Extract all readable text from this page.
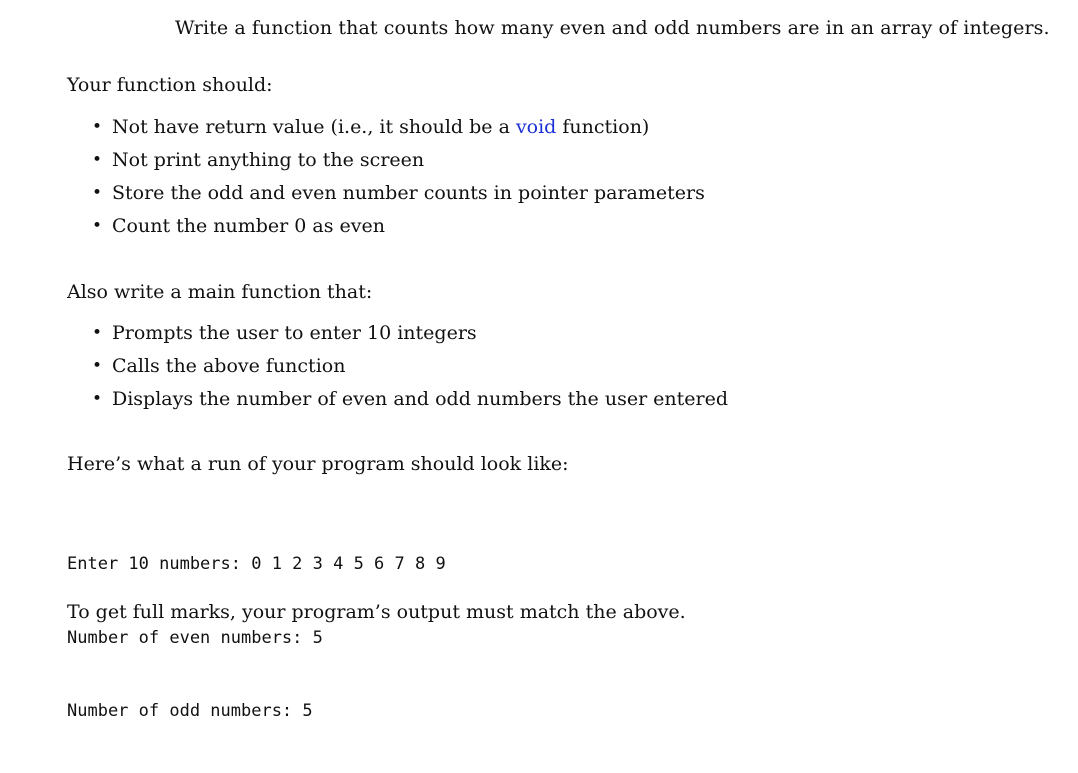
Write a function that counts how many even and odd numbers are in an array of integers.
Your function should:
• Not have return value (i.e., it should be a void function)
• Not print anything to the screen
• Store the odd and even number counts in pointer parameters
• Count the number 0 as even
Also write a main function that:
• Prompts the user to enter 10 integers
• Calls the above function
• Displays the number of even and odd numbers the user entered
Here’s what a run of your program should look like:

Enter 10 numbers: 0 1 2 3 4 5 6 7 8 9

Number of even numbers: 5

Number of odd numbers: 5

To get full marks, your program’s output must match the above.
